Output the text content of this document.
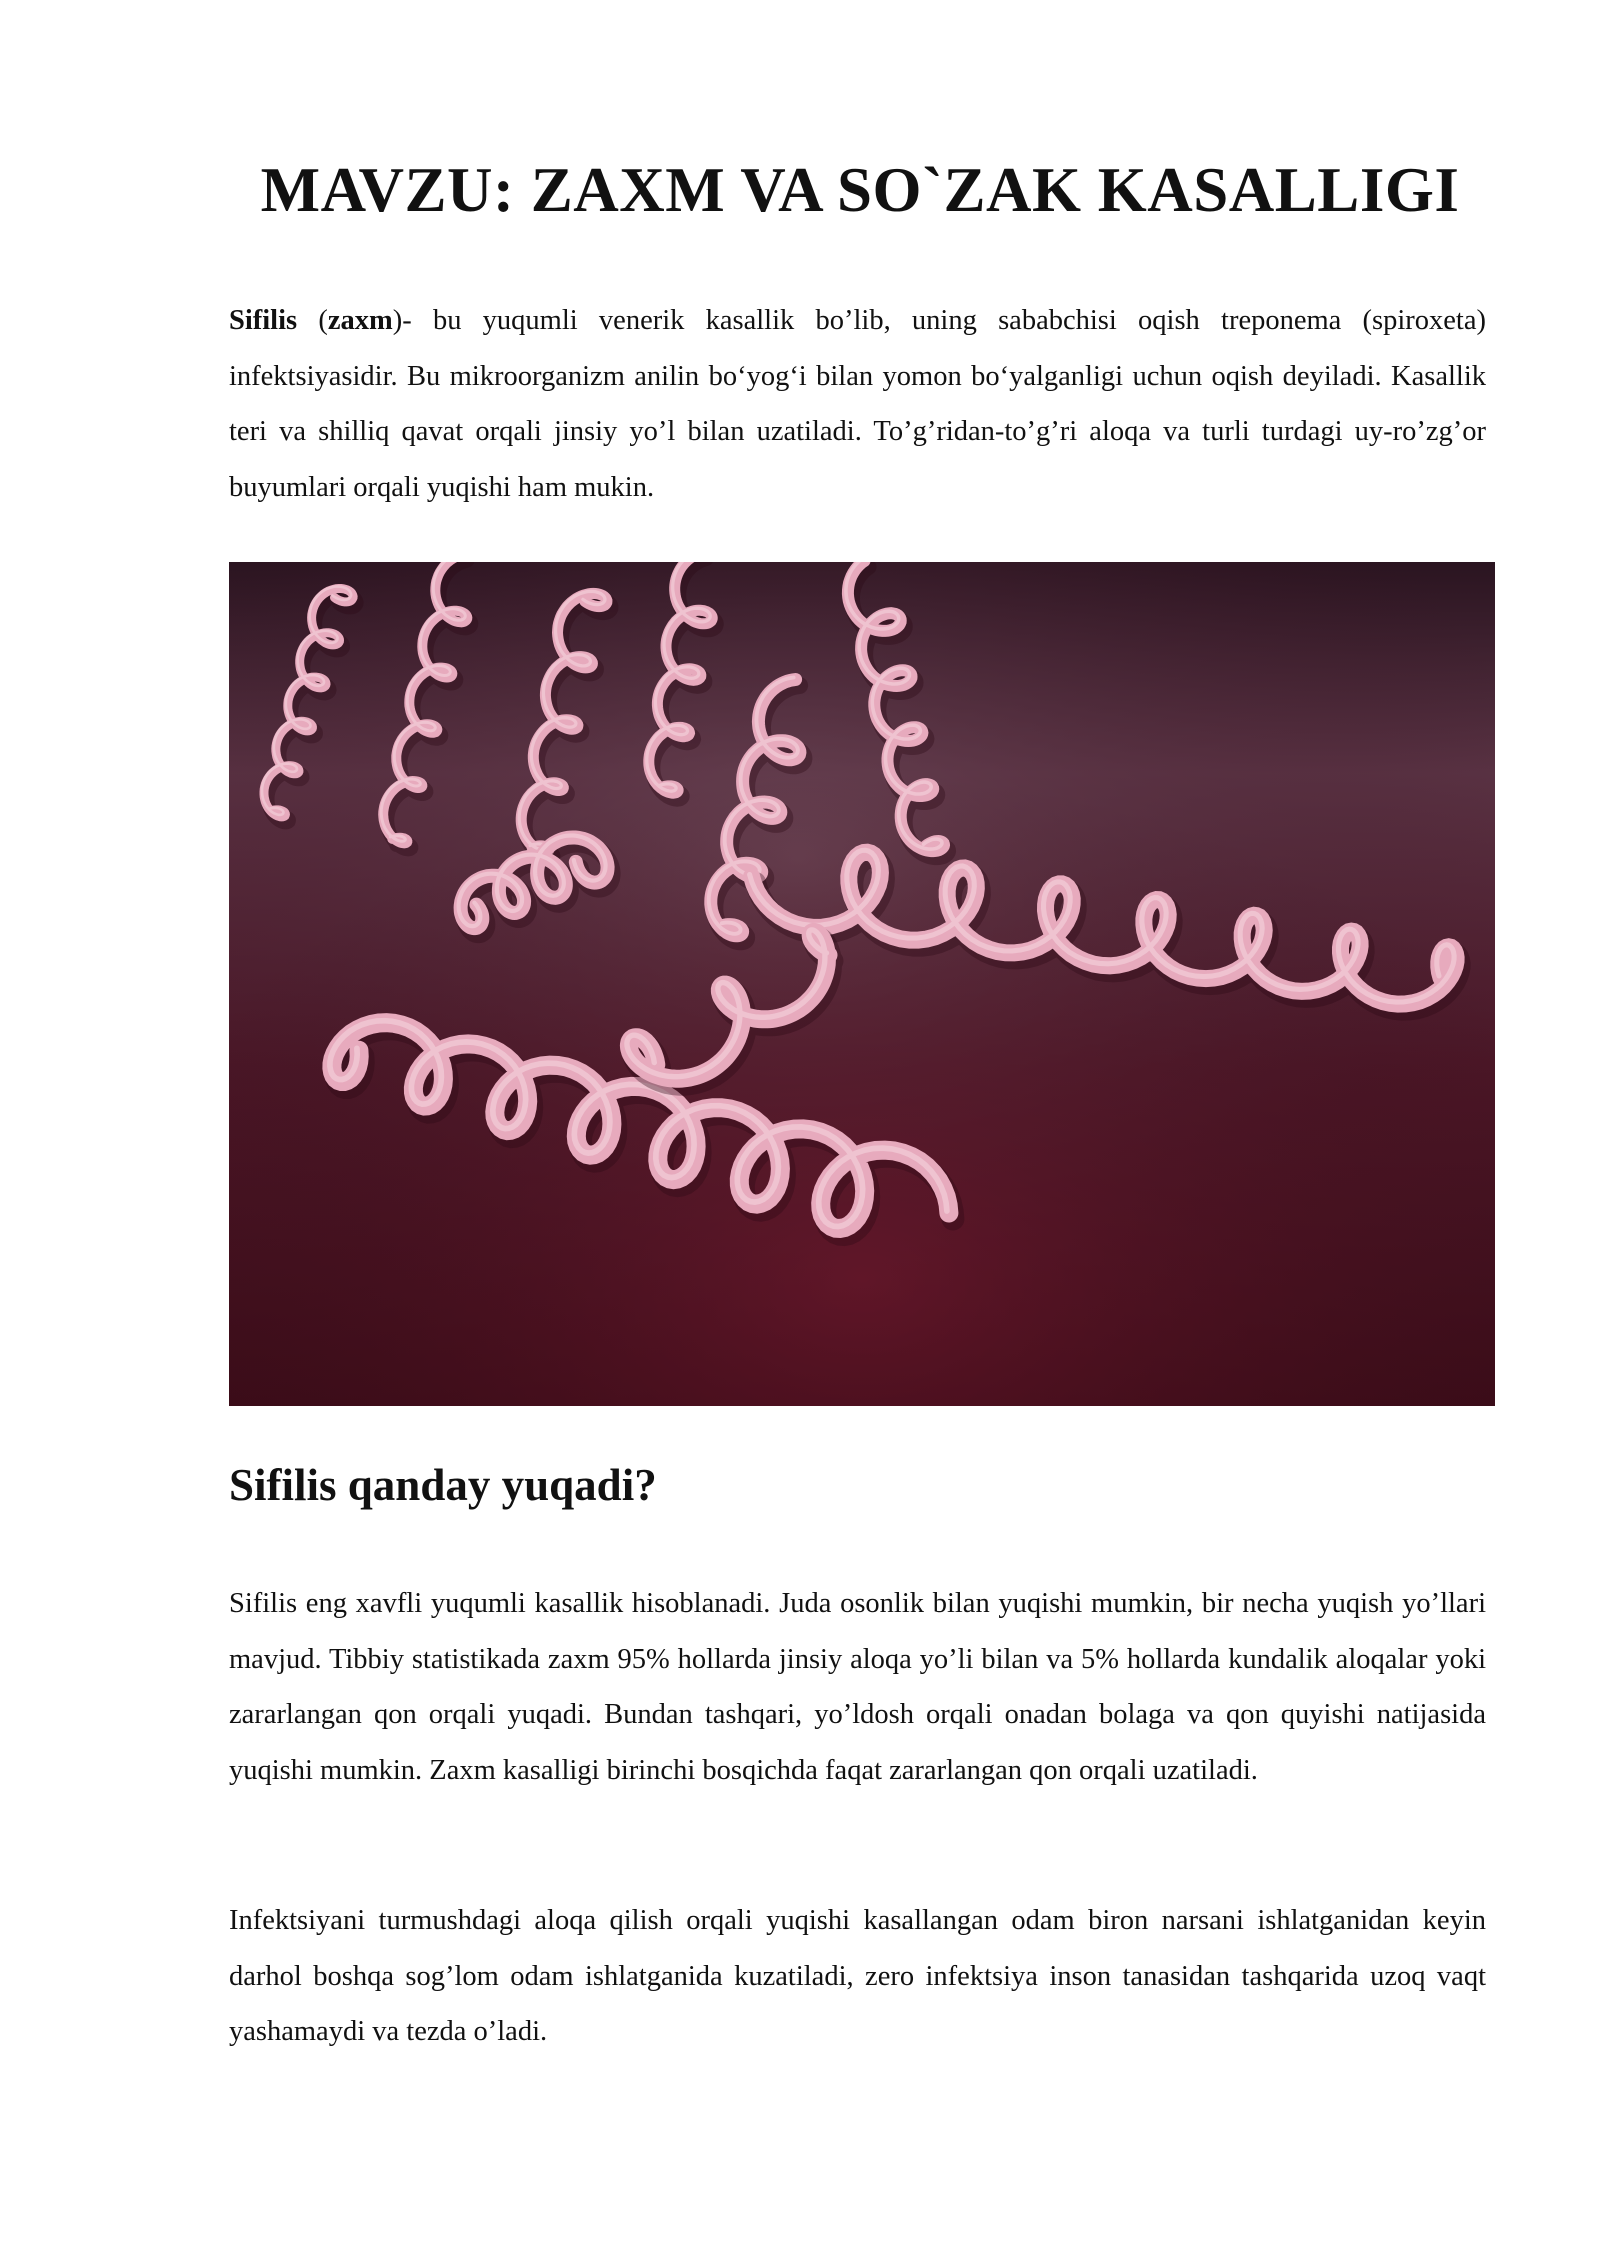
MAVZU: ZAXM VA SO`ZAK KASALLIGI

Sifilis (zaxm)- bu yuqumli venerik kasallik bo’lib, uning sababchisi oqish treponema (spiroxeta) infektsiyasidir. Bu mikroorganizm anilin bo‘yog‘i bilan yomon bo‘yalganligi uchun oqish deyiladi. Kasallik teri va shilliq qavat orqali jinsiy yo’l bilan uzatiladi. To’g’ridan-to’g’ri aloqa va turli turdagi uy-ro’zg’or buyumlari orqali yuqishi ham mukin.

Sifilis qanday yuqadi?

Sifilis eng xavfli yuqumli kasallik hisoblanadi. Juda osonlik bilan yuqishi mumkin, bir necha yuqish yo’llari mavjud. Tibbiy statistikada zaxm 95% hollarda jinsiy aloqa yo’li bilan va 5% hollarda kundalik aloqalar yoki zararlangan qon orqali yuqadi. Bundan tashqari, yo’ldosh orqali onadan bolaga va qon quyishi natijasida yuqishi mumkin. Zaxm kasalligi birinchi bosqichda faqat zararlangan qon orqali uzatiladi.

Infektsiyani turmushdagi aloqa qilish orqali yuqishi kasallangan odam biron narsani ishlatganidan keyin darhol boshqa sog’lom odam ishlatganida kuzatiladi, zero infektsiya inson tanasidan tashqarida uzoq vaqt yashamaydi va tezda o’ladi.
